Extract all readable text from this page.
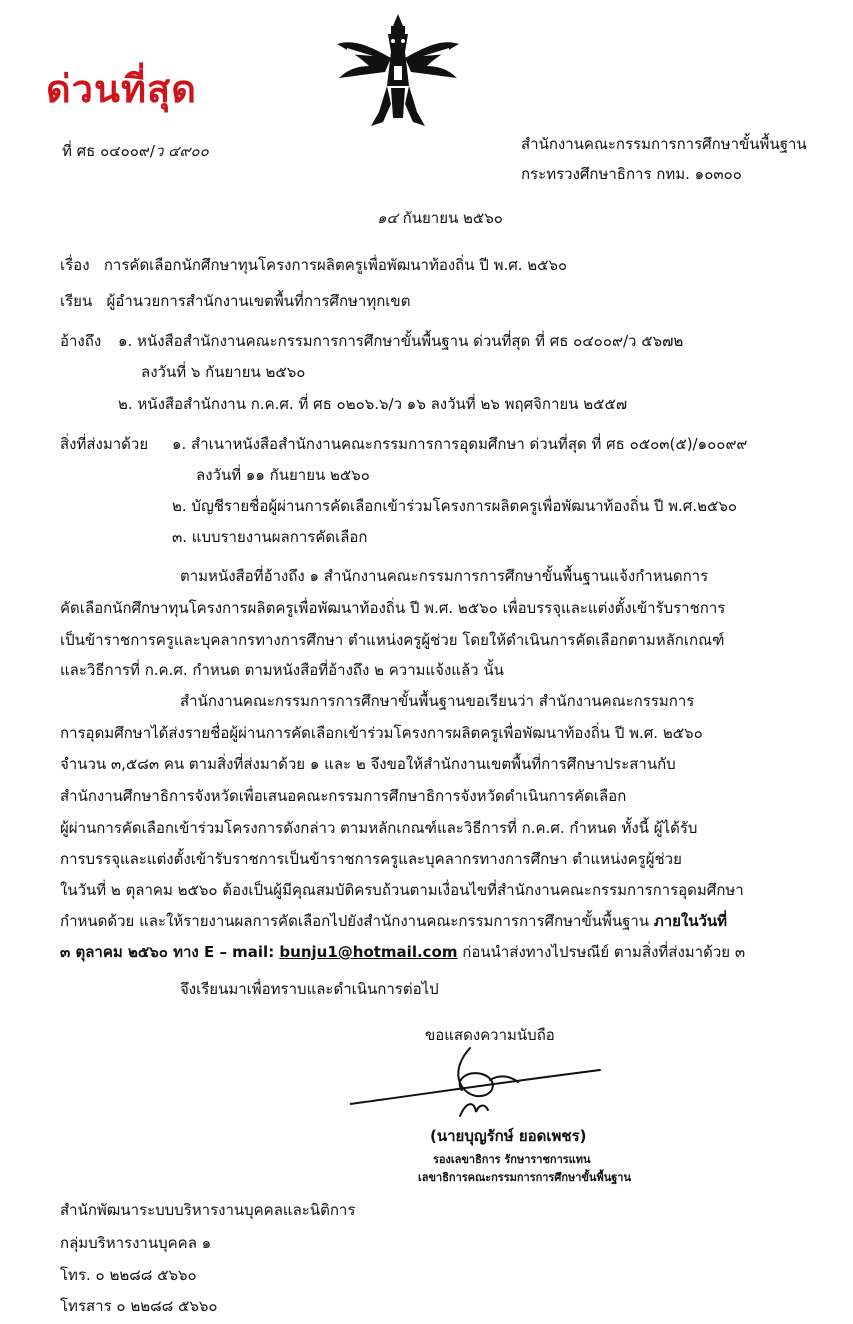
ด่วนที่สุด
ที่ ศธ ๐๔๐๐๙/ว ๔๙๐๐	สำนักงานคณะกรรมการการศึกษาขั้นพื้นฐาน
กระทรวงศึกษาธิการ กทม. ๑๐๓๐๐
๑๔ กันยายน ๒๕๖๐
เรื่อง การคัดเลือกนักศึกษาทุนโครงการผลิตครูเพื่อพัฒนาท้องถิ่น ปี พ.ศ. ๒๕๖๐
เรียน ผู้อำนวยการสำนักงานเขตพื้นที่การศึกษาทุกเขต
อ้างถึง ๑. หนังสือสำนักงานคณะกรรมการการศึกษาขั้นพื้นฐาน ด่วนที่สุด ที่ ศธ ๐๔๐๐๙/ว ๕๖๗๒
ลงวันที่ ๖ กันยายน ๒๕๖๐
๒. หนังสือสำนักงาน ก.ค.ศ. ที่ ศธ ๐๒๐๖.๖/ว ๑๖ ลงวันที่ ๒๖ พฤศจิกายน ๒๕๕๗
สิ่งที่ส่งมาด้วย ๑. สำเนาหนังสือสำนักงานคณะกรรมการการอุดมศึกษา ด่วนที่สุด ที่ ศธ ๐๕๐๓(๕)/๑๐๐๙๙
ลงวันที่ ๑๑ กันยายน ๒๕๖๐
๒. บัญชีรายชื่อผู้ผ่านการคัดเลือกเข้าร่วมโครงการผลิตครูเพื่อพัฒนาท้องถิ่น ปี พ.ศ.๒๕๖๐
๓. แบบรายงานผลการคัดเลือก
ตามหนังสือที่อ้างถึง ๑ สำนักงานคณะกรรมการการศึกษาขั้นพื้นฐานแจ้งกำหนดการ
คัดเลือกนักศึกษาทุนโครงการผลิตครูเพื่อพัฒนาท้องถิ่น ปี พ.ศ. ๒๕๖๐ เพื่อบรรจุและแต่งตั้งเข้ารับราชการ
เป็นข้าราชการครูและบุคลากรทางการศึกษา ตำแหน่งครูผู้ช่วย โดยให้ดำเนินการคัดเลือกตามหลักเกณฑ์
และวิธีการที่ ก.ค.ศ. กำหนด ตามหนังสือที่อ้างถึง ๒ ความแจ้งแล้ว นั้น
สำนักงานคณะกรรมการการศึกษาขั้นพื้นฐานขอเรียนว่า สำนักงานคณะกรรมการ
การอุดมศึกษาได้ส่งรายชื่อผู้ผ่านการคัดเลือกเข้าร่วมโครงการผลิตครูเพื่อพัฒนาท้องถิ่น ปี พ.ศ. ๒๕๖๐
จำนวน ๓,๕๘๓ คน ตามสิ่งที่ส่งมาด้วย ๑ และ ๒ จึงขอให้สำนักงานเขตพื้นที่การศึกษาประสานกับ
สำนักงานศึกษาธิการจังหวัดเพื่อเสนอคณะกรรมการศึกษาธิการจังหวัดดำเนินการคัดเลือก
ผู้ผ่านการคัดเลือกเข้าร่วมโครงการดังกล่าว ตามหลักเกณฑ์และวิธีการที่ ก.ค.ศ. กำหนด ทั้งนี้ ผู้ได้รับ
การบรรจุและแต่งตั้งเข้ารับราชการเป็นข้าราชการครูและบุคลากรทางการศึกษา ตำแหน่งครูผู้ช่วย
ในวันที่ ๒ ตุลาคม ๒๕๖๐ ต้องเป็นผู้มีคุณสมบัติครบถ้วนตามเงื่อนไขที่สำนักงานคณะกรรมการการอุดมศึกษา
กำหนดด้วย และให้รายงานผลการคัดเลือกไปยังสำนักงานคณะกรรมการการศึกษาขั้นพื้นฐาน ภายในวันที่
๓ ตุลาคม ๒๕๖๐ ทาง E – mail: bunju1@hotmail.com ก่อนนำส่งทางไปรษณีย์ ตามสิ่งที่ส่งมาด้วย ๓
จึงเรียนมาเพื่อทราบและดำเนินการต่อไป
ขอแสดงความนับถือ
(นายบุญรักษ์ ยอดเพชร)
รองเลขาธิการ รักษาราชการแทน
เลขาธิการคณะกรรมการการศึกษาขั้นพื้นฐาน
สำนักพัฒนาระบบบริหารงานบุคคลและนิติการ
กลุ่มบริหารงานบุคคล ๑
โทร. ๐ ๒๒๘๘ ๕๖๖๐
โทรสาร ๐ ๒๒๘๘ ๕๖๖๐
